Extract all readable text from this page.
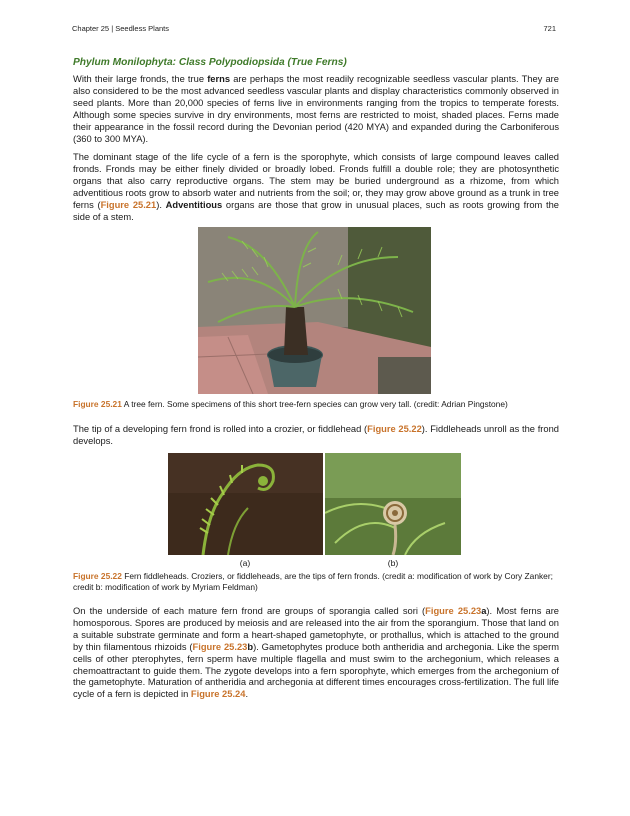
Chapter 25 | Seedless Plants	721
Phylum Monilophyta: Class Polypodiopsida (True Ferns)

With their large fronds, the true ferns are perhaps the most readily recognizable seedless vascular plants. They are also considered to be the most advanced seedless vascular plants and display characteristics commonly observed in seed plants. More than 20,000 species of ferns live in environments ranging from the tropics to temperate forests. Although some species survive in dry environments, most ferns are restricted to moist, shaded places. Ferns made their appearance in the fossil record during the Devonian period (420 MYA) and expanded during the Carboniferous (360 to 300 MYA).

The dominant stage of the life cycle of a fern is the sporophyte, which consists of large compound leaves called fronds. Fronds may be either finely divided or broadly lobed. Fronds fulfill a double role; they are photosynthetic organs that also carry reproductive organs. The stem may be buried underground as a rhizome, from which adventitious roots grow to absorb water and nutrients from the soil; or, they may grow above ground as a trunk in tree ferns (Figure 25.21). Adventitious organs are those that grow in unusual places, such as roots growing from the side of a stem.

Figure 25.21 A tree fern. Some specimens of this short tree-fern species can grow very tall. (credit: Adrian Pingstone)

The tip of a developing fern frond is rolled into a crozier, or fiddlehead (Figure 25.22). Fiddleheads unroll as the frond develops.

(a)	(b)

Figure 25.22 Fern fiddleheads. Croziers, or fiddleheads, are the tips of fern fronds. (credit a: modification of work by Cory Zanker; credit b: modification of work by Myriam Feldman)

On the underside of each mature fern frond are groups of sporangia called sori (Figure 25.23a). Most ferns are homosporous. Spores are produced by meiosis and are released into the air from the sporangium. Those that land on a suitable substrate germinate and form a heart-shaped gametophyte, or prothallus, which is attached to the ground by thin filamentous rhizoids (Figure 25.23b). Gametophytes produce both antheridia and archegonia. Like the sperm cells of other pterophytes, fern sperm have multiple flagella and must swim to the archegonium, which releases a chemoattractant to guide them. The zygote develops into a fern sporophyte, which emerges from the archegonium of the gametophyte. Maturation of antheridia and archegonia at different times encourages cross-fertilization. The full life cycle of a fern is depicted in Figure 25.24.
